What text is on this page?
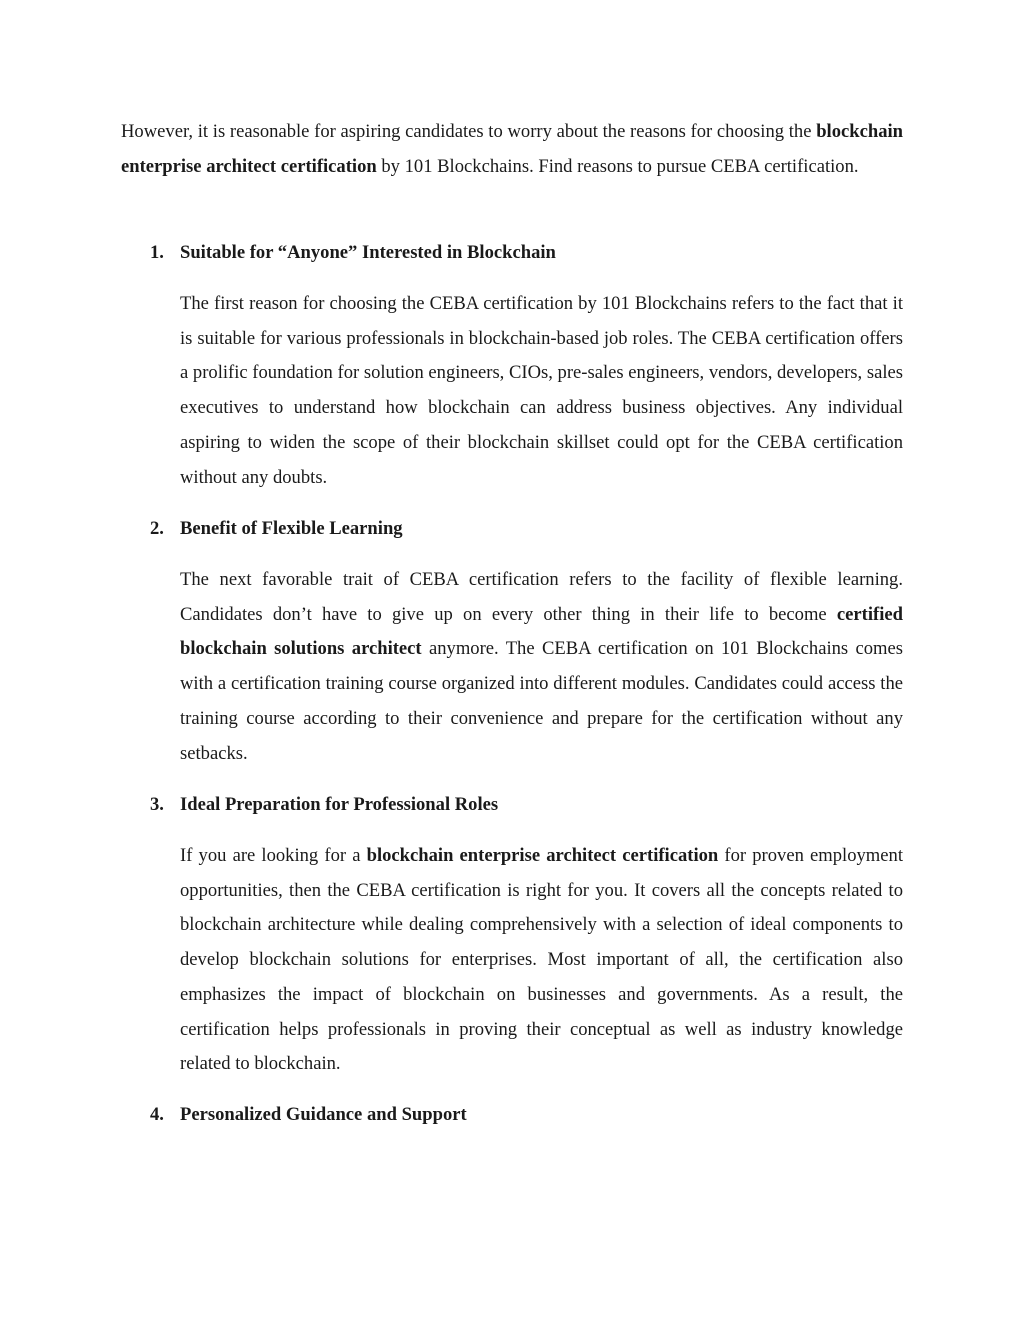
However, it is reasonable for aspiring candidates to worry about the reasons for choosing the blockchain enterprise architect certification by 101 Blockchains. Find reasons to pursue CEBA certification.

1. Suitable for “Anyone” Interested in Blockchain

The first reason for choosing the CEBA certification by 101 Blockchains refers to the fact that it is suitable for various professionals in blockchain-based job roles. The CEBA certification offers a prolific foundation for solution engineers, CIOs, pre-sales engineers, vendors, developers, sales executives to understand how blockchain can address business objectives. Any individual aspiring to widen the scope of their blockchain skillset could opt for the CEBA certification without any doubts.

2. Benefit of Flexible Learning

The next favorable trait of CEBA certification refers to the facility of flexible learning. Candidates don’t have to give up on every other thing in their life to become certified blockchain solutions architect anymore. The CEBA certification on 101 Blockchains comes with a certification training course organized into different modules. Candidates could access the training course according to their convenience and prepare for the certification without any setbacks.

3. Ideal Preparation for Professional Roles

If you are looking for a blockchain enterprise architect certification for proven employment opportunities, then the CEBA certification is right for you. It covers all the concepts related to blockchain architecture while dealing comprehensively with a selection of ideal components to develop blockchain solutions for enterprises. Most important of all, the certification also emphasizes the impact of blockchain on businesses and governments. As a result, the certification helps professionals in proving their conceptual as well as industry knowledge related to blockchain.

4. Personalized Guidance and Support
